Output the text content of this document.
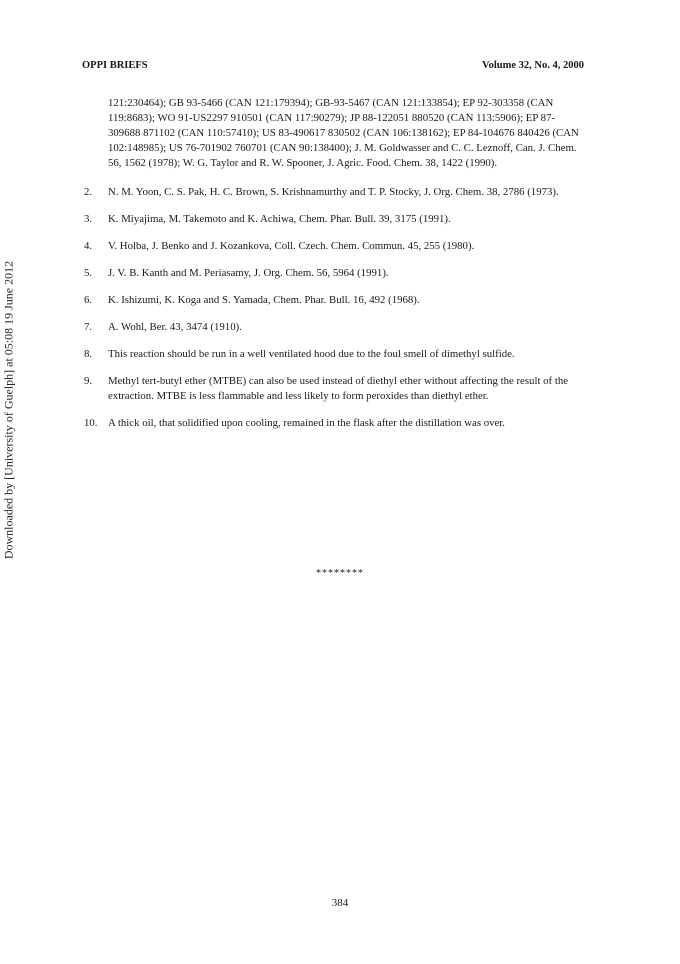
OPPI BRIEFS	Volume 32, No. 4, 2000
Downloaded by [University of Guelph] at 05:08 19 June 2012
121:230464); GB 93-5466 (CAN 121:179394); GB-93-5467 (CAN 121:133854); EP 92-303358 (CAN 119:8683); WO 91-US2297 910501 (CAN 117:90279); JP 88-122051 880520 (CAN 113:5906); EP 87-309688 871102 (CAN 110:57410); US 83-490617 830502 (CAN 106:138162); EP 84-104676 840426 (CAN 102:148985); US 76-701902 760701 (CAN 90:138400); J. M. Goldwasser and C. C. Leznoff, Can. J. Chem. 56, 1562 (1978); W. G. Taylor and R. W. Spooner, J. Agric. Food. Chem. 38, 1422 (1990).
2. N. M. Yoon, C. S. Pak, H. C. Brown, S. Krishnamurthy and T. P. Stocky, J. Org. Chem. 38, 2786 (1973).
3. K. Miyajima, M. Takemoto and K. Achiwa, Chem. Phar. Bull. 39, 3175 (1991).
4. V. Holba, J. Benko and J. Kozankova, Coll. Czech. Chem. Commun. 45, 255 (1980).
5. J. V. B. Kanth and M. Periasamy, J. Org. Chem. 56, 5964 (1991).
6. K. Ishizumi, K. Koga and S. Yamada, Chem. Phar. Bull. 16, 492 (1968).
7. A. Wohl, Ber. 43, 3474 (1910).
8. This reaction should be run in a well ventilated hood due to the foul smell of dimethyl sulfide.
9. Methyl tert-butyl ether (MTBE) can also be used instead of diethyl ether without affecting the result of the extraction. MTBE is less flammable and less likely to form peroxides than diethyl ether.
10. A thick oil, that solidified upon cooling, remained in the flask after the distillation was over.
********
384
